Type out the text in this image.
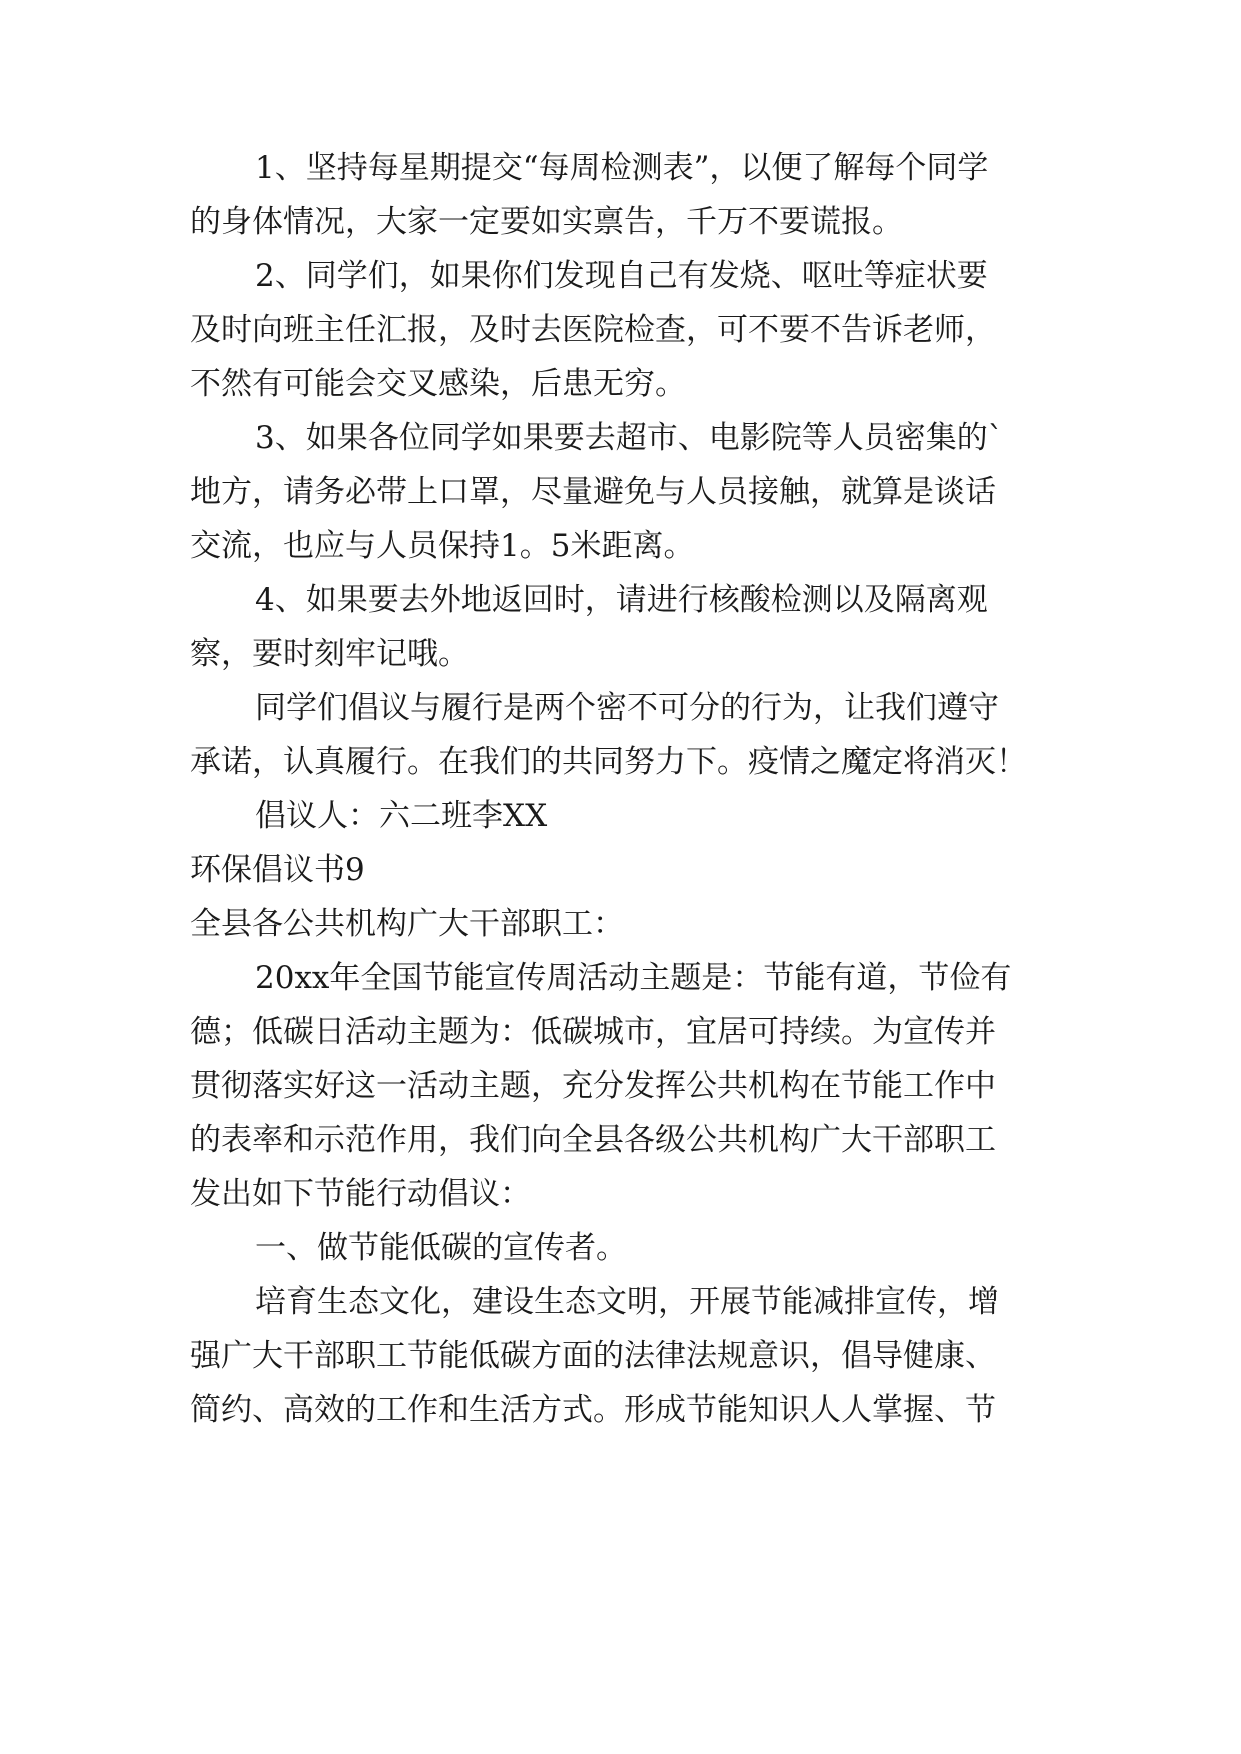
1、坚持每星期提交“每周检测表”，以便了解每个同学
的身体情况，大家一定要如实禀告，千万不要谎报。
2、同学们，如果你们发现自己有发烧、呕吐等症状要
及时向班主任汇报，及时去医院检查，可不要不告诉老师，
不然有可能会交叉感染，后患无穷。
3、如果各位同学如果要去超市、电影院等人员密集的`
地方，请务必带上口罩，尽量避免与人员接触，就算是谈话
交流，也应与人员保持1。5米距离。
4、如果要去外地返回时，请进行核酸检测以及隔离观
察，要时刻牢记哦。
同学们倡议与履行是两个密不可分的行为，让我们遵守
承诺，认真履行。在我们的共同努力下。疫情之魔定将消灭！
倡议人：六二班李XX
环保倡议书9
全县各公共机构广大干部职工：
20xx年全国节能宣传周活动主题是：节能有道，节俭有
德；低碳日活动主题为：低碳城市，宜居可持续。为宣传并
贯彻落实好这一活动主题，充分发挥公共机构在节能工作中
的表率和示范作用，我们向全县各级公共机构广大干部职工
发出如下节能行动倡议：
一、做节能低碳的宣传者。
培育生态文化，建设生态文明，开展节能减排宣传，增
强广大干部职工节能低碳方面的法律法规意识，倡导健康、
简约、高效的工作和生活方式。形成节能知识人人掌握、节
